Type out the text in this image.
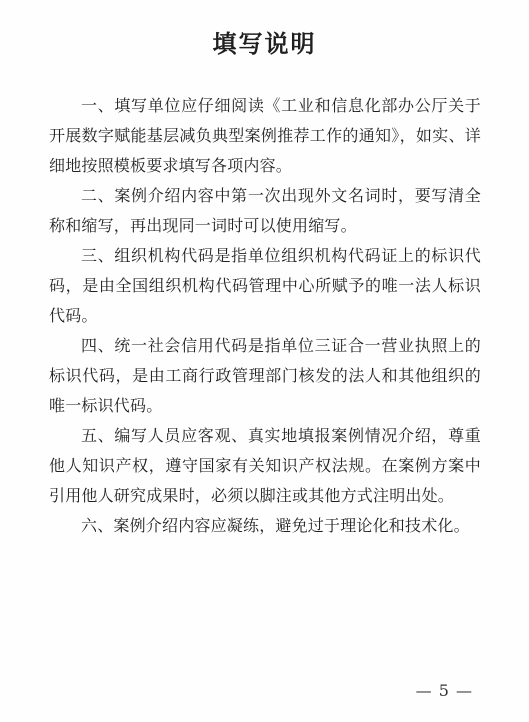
填写说明

一、填写单位应仔细阅读《工业和信息化部办公厅关于开展数字赋能基层减负典型案例推荐工作的通知》，如实、详细地按照模板要求填写各项内容。

二、案例介绍内容中第一次出现外文名词时，要写清全称和缩写，再出现同一词时可以使用缩写。

三、组织机构代码是指单位组织机构代码证上的标识代码，是由全国组织机构代码管理中心所赋予的唯一法人标识代码。

四、统一社会信用代码是指单位三证合一营业执照上的标识代码，是由工商行政管理部门核发的法人和其他组织的唯一标识代码。

五、编写人员应客观、真实地填报案例情况介绍，尊重他人知识产权，遵守国家有关知识产权法规。在案例方案中引用他人研究成果时，必须以脚注或其他方式注明出处。

六、案例介绍内容应凝练，避免过于理论化和技术化。

— 5 —
